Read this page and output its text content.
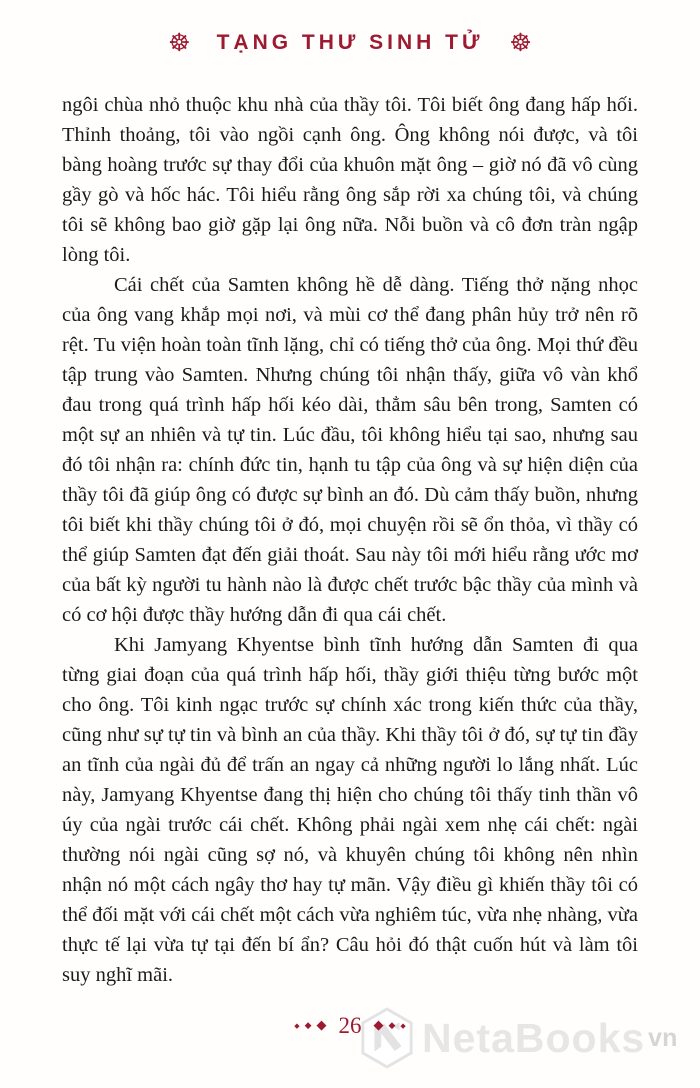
☸ TẠNG THƯ SINH TỬ ☸

ngôi chùa nhỏ thuộc khu nhà của thầy tôi. Tôi biết ông đang hấp hối. Thỉnh thoảng, tôi vào ngồi cạnh ông. Ông không nói được, và tôi bàng hoàng trước sự thay đổi của khuôn mặt ông – giờ nó đã vô cùng gầy gò và hốc hác. Tôi hiểu rằng ông sắp rời xa chúng tôi, và chúng tôi sẽ không bao giờ gặp lại ông nữa. Nỗi buồn và cô đơn tràn ngập lòng tôi.

Cái chết của Samten không hề dễ dàng. Tiếng thở nặng nhọc của ông vang khắp mọi nơi, và mùi cơ thể đang phân hủy trở nên rõ rệt. Tu viện hoàn toàn tĩnh lặng, chỉ có tiếng thở của ông. Mọi thứ đều tập trung vào Samten. Nhưng chúng tôi nhận thấy, giữa vô vàn khổ đau trong quá trình hấp hối kéo dài, thẳm sâu bên trong, Samten có một sự an nhiên và tự tin. Lúc đầu, tôi không hiểu tại sao, nhưng sau đó tôi nhận ra: chính đức tin, hạnh tu tập của ông và sự hiện diện của thầy tôi đã giúp ông có được sự bình an đó. Dù cảm thấy buồn, nhưng tôi biết khi thầy chúng tôi ở đó, mọi chuyện rồi sẽ ổn thỏa, vì thầy có thể giúp Samten đạt đến giải thoát. Sau này tôi mới hiểu rằng ước mơ của bất kỳ người tu hành nào là được chết trước bậc thầy của mình và có cơ hội được thầy hướng dẫn đi qua cái chết.

Khi Jamyang Khyentse bình tĩnh hướng dẫn Samten đi qua từng giai đoạn của quá trình hấp hối, thầy giới thiệu từng bước một cho ông. Tôi kinh ngạc trước sự chính xác trong kiến thức của thầy, cũng như sự tự tin và bình an của thầy. Khi thầy tôi ở đó, sự tự tin đầy an tĩnh của ngài đủ để trấn an ngay cả những người lo lắng nhất. Lúc này, Jamyang Khyentse đang thị hiện cho chúng tôi thấy tinh thần vô úy của ngài trước cái chết. Không phải ngài xem nhẹ cái chết: ngài thường nói ngài cũng sợ nó, và khuyên chúng tôi không nên nhìn nhận nó một cách ngây thơ hay tự mãn. Vậy điều gì khiến thầy tôi có thể đối mặt với cái chết một cách vừa nghiêm túc, vừa nhẹ nhàng, vừa thực tế lại vừa tự tại đến bí ẩn? Câu hỏi đó thật cuốn hút và làm tôi suy nghĩ mãi.

NetaBooks vn
◆ ◆ ◆ 26 ◆ ◆ ◆
